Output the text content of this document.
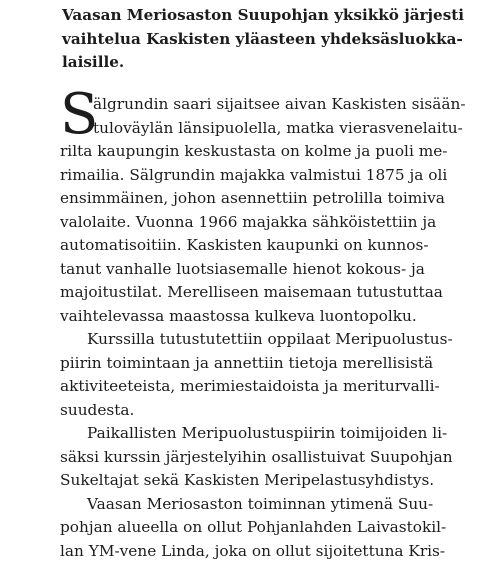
Vaasan Meriosaston Suupohjan yksikkö järjesti
vaihtelua Kaskisten yläasteen yhdeksäsluokka-
laisille.
S
älgrundin saari sijaitsee aivan Kaskisten sisään-
tuloväylän länsipuolella, matka vierasvenelaitu-
rilta kaupungin keskustasta on kolme ja puoli me-
rimailia. Sälgrundin majakka valmistui 1875 ja oli
ensimmäinen, johon asennettiin petrolilla toimiva
valolaite. Vuonna 1966 majakka sähköistettiin ja
automatisoitiin. Kaskisten kaupunki on kunnos-
tanut vanhalle luotsiasemalle hienot kokous- ja
majoitustilat. Merelliseen maisemaan tutustuttaa
vaihtelevassa maastossa kulkeva luontopolku.
Kurssilla tutustutettiin oppilaat Meripuolustus-
piirin toimintaan ja annettiin tietoja merellisistä
aktiviteeteista, merimiestaidoista ja meriturvalli-
suudesta.
Paikallisten Meripuolustuspiirin toimijoiden li-
säksi kurssin järjestelyihin osallistuivat Suupohjan
Sukeltajat sekä Kaskisten Meripelastusyhdistys.
Vaasan Meriosaston toiminnan ytimenä Suu-
pohjan alueella on ollut Pohjanlahden Laivastokil-
lan YM-vene Linda, joka on ollut sijoitettuna Kris-
